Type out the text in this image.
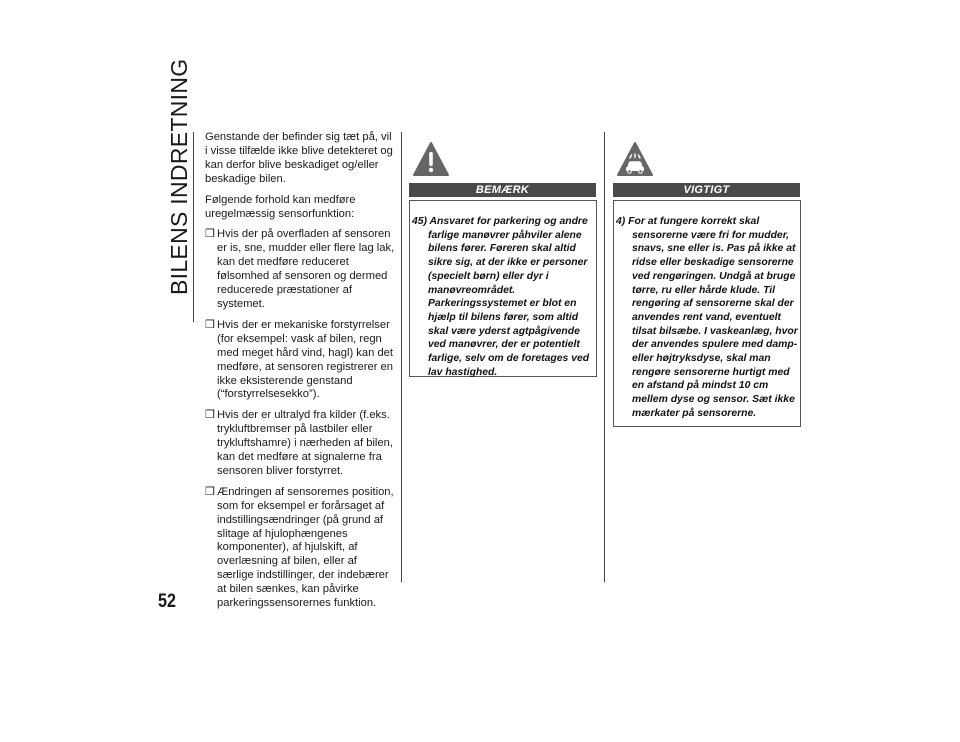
BILENS INDRETNING
52

Genstande der befinder sig tæt på, vil i visse tilfælde ikke blive detekteret og kan derfor blive beskadiget og/eller beskadige bilen.

Følgende forhold kan medføre uregelmæssig sensorfunktion:

❒ Hvis der på overfladen af sensoren er is, sne, mudder eller flere lag lak, kan det medføre reduceret følsomhed af sensoren og dermed reducerede præstationer af systemet.
❒ Hvis der er mekaniske forstyrrelser (for eksempel: vask af bilen, regn med meget hård vind, hagl) kan det medføre, at sensoren registrerer en ikke eksisterende genstand (“forstyrrelsesekko”).
❒ Hvis der er ultralyd fra kilder (f.eks. trykluftbremser på lastbiler eller trykluftshamre) i nærheden af bilen, kan det medføre at signalerne fra sensoren bliver forstyrret.
❒ Ændringen af sensorernes position, som for eksempel er forårsaget af indstillingsændringer (på grund af slitage af hjulophængenes komponenter), af hjulskift, af overlæsning af bilen, eller af særlige indstillinger, der indebærer at bilen sænkes, kan påvirke parkeringssensorernes funktion.
BEMÆRK

45) Ansvaret for parkering og andre farlige manøvrer påhviler alene bilens fører. Føreren skal altid sikre sig, at der ikke er personer (specielt børn) eller dyr i manøvreområdet. Parkeringssystemet er blot en hjælp til bilens fører, som altid skal være yderst agtpågivende ved manøvrer, der er potentielt farlige, selv om de foretages ved lav hastighed.

VIGTIGT

4) For at fungere korrekt skal sensorerne være fri for mudder, snavs, sne eller is. Pas på ikke at ridse eller beskadige sensorerne ved rengøringen. Undgå at bruge tørre, ru eller hårde klude. Til rengøring af sensorerne skal der anvendes rent vand, eventuelt tilsat bilsæbe. I vaskeanlæg, hvor der anvendes spulere med damp- eller højtryksdyse, skal man rengøre sensorerne hurtigt med en afstand på mindst 10 cm mellem dyse og sensor. Sæt ikke mærkater på sensorerne.
